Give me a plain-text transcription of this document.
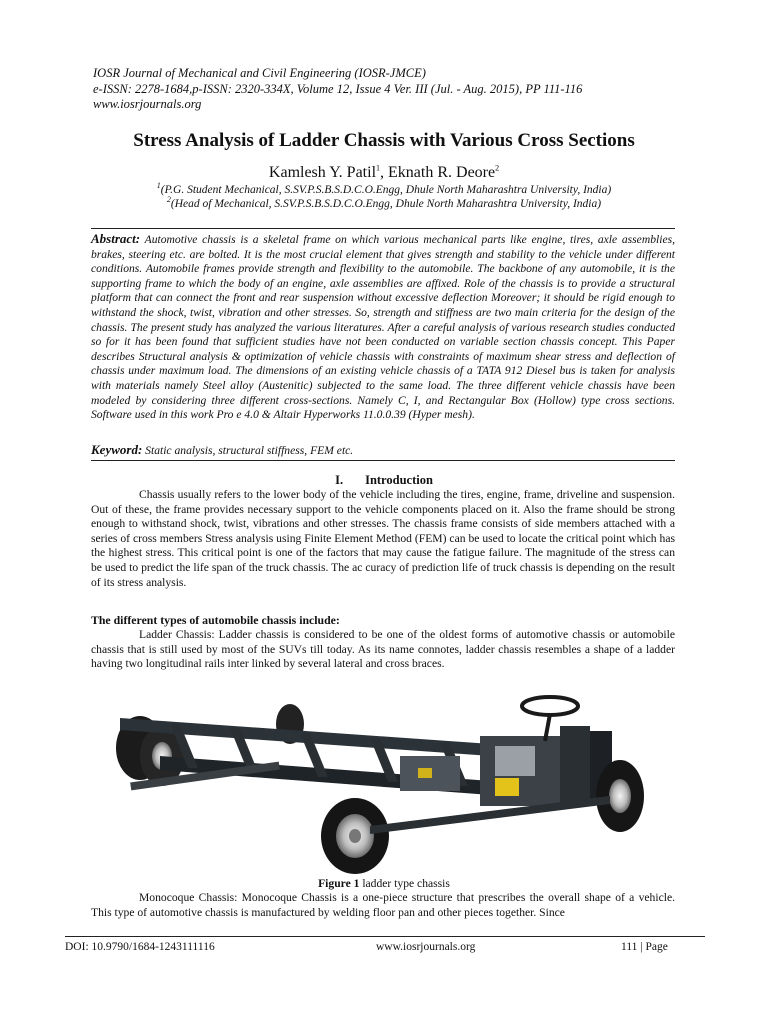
IOSR Journal of Mechanical and Civil Engineering (IOSR-JMCE)
e-ISSN: 2278-1684,p-ISSN: 2320-334X, Volume 12, Issue 4 Ver. III (Jul. - Aug. 2015), PP 111-116
www.iosrjournals.org
Stress Analysis of Ladder Chassis with Various Cross Sections
Kamlesh Y. Patil$^1$, Eknath R. Deore$^2$
$^1$(P.G. Student Mechanical, S.SV.P.S.B.S.D.C.O.Engg, Dhule North Maharashtra University, India)
$^2$(Head of Mechanical, S.SV.P.S.B.S.D.C.O.Engg, Dhule North Maharashtra University, India)
Abstract: Automotive chassis is a skeletal frame on which various mechanical parts like engine, tires, axle assemblies, brakes, steering etc. are bolted. It is the most crucial element that gives strength and stability to the vehicle under different conditions. Automobile frames provide strength and flexibility to the automobile. The backbone of any automobile, it is the supporting frame to which the body of an engine, axle assemblies are affixed. Role of the chassis is to provide a structural platform that can connect the front and rear suspension without excessive deflection Moreover; it should be rigid enough to withstand the shock, twist, vibration and other stresses. So, strength and stiffness are two main criteria for the design of the chassis. The present study has analyzed the various literatures. After a careful analysis of various research studies conducted so for it has been found that sufficient studies have not been conducted on variable section chassis concept. This Paper describes Structural analysis & optimization of vehicle chassis with constraints of maximum shear stress and deflection of chassis under maximum load. The dimensions of an existing vehicle chassis of a TATA 912 Diesel bus is taken for analysis with materials namely Steel alloy (Austenitic) subjected to the same load. The three different vehicle chassis have been modeled by considering three different cross-sections. Namely C, I, and Rectangular Box (Hollow) type cross sections. Software used in this work Pro e 4.0 & Altair Hyperworks 11.0.0.39 (Hyper mesh).
Keyword: Static analysis, structural stiffness, FEM etc.
I. Introduction
Chassis usually refers to the lower body of the vehicle including the tires, engine, frame, driveline and suspension. Out of these, the frame provides necessary support to the vehicle components placed on it. Also the frame should be strong enough to withstand shock, twist, vibrations and other stresses. The chassis frame consists of side members attached with a series of cross members Stress analysis using Finite Element Method (FEM) can be used to locate the critical point which has the highest stress. This critical point is one of the factors that may cause the fatigue failure. The magnitude of the stress can be used to predict the life span of the truck chassis. The ac curacy of prediction life of truck chassis is depending on the result of its stress analysis.
The different types of automobile chassis include:
Ladder Chassis: Ladder chassis is considered to be one of the oldest forms of automotive chassis or automobile chassis that is still used by most of the SUVs till today. As its name connotes, ladder chassis resembles a shape of a ladder having two longitudinal rails inter linked by several lateral and cross braces.
Figure 1 ladder type chassis
Monocoque Chassis: Monocoque Chassis is a one-piece structure that prescribes the overall shape of a vehicle. This type of automotive chassis is manufactured by welding floor pan and other pieces together. Since
DOI: 10.9790/1684-1243111116	www.iosrjournals.org	111 | Page
